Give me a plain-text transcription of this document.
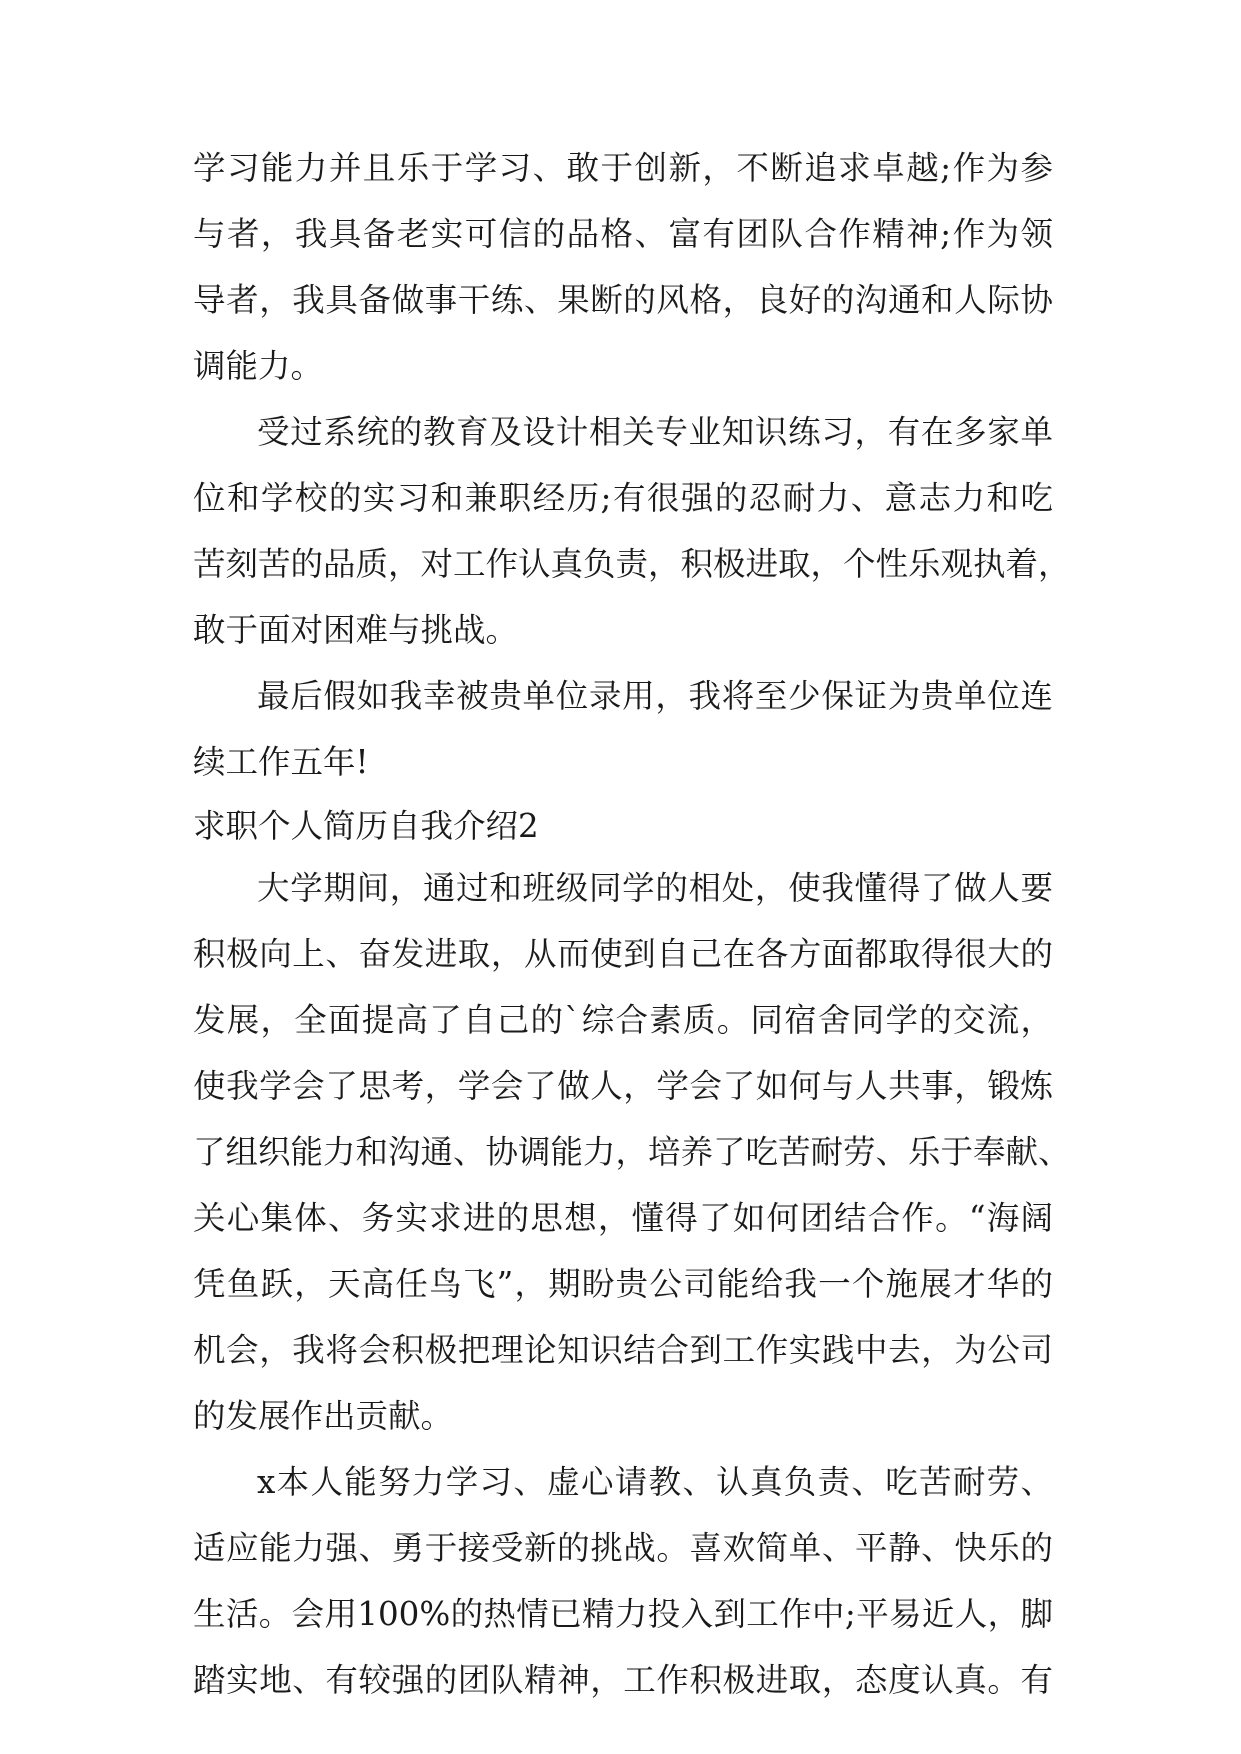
学习能力并且乐于学习、敢于创新，不断追求卓越;作为参
与者，我具备老实可信的品格、富有团队合作精神;作为领
导者，我具备做事干练、果断的风格，良好的沟通和人际协
调能力。
受过系统的教育及设计相关专业知识练习，有在多家单
位和学校的实习和兼职经历;有很强的忍耐力、意志力和吃
苦刻苦的品质，对工作认真负责，积极进取，个性乐观执着，
敢于面对困难与挑战。
最后假如我幸被贵单位录用，我将至少保证为贵单位连
续工作五年!
求职个人简历自我介绍2
大学期间，通过和班级同学的相处，使我懂得了做人要
积极向上、奋发进取，从而使到自己在各方面都取得很大的
发展，全面提高了自己的`综合素质。同宿舍同学的交流，
使我学会了思考，学会了做人，学会了如何与人共事，锻炼
了组织能力和沟通、协调能力，培养了吃苦耐劳、乐于奉献、
关心集体、务实求进的思想，懂得了如何团结合作。“海阔
凭鱼跃，天高任鸟飞”，期盼贵公司能给我一个施展才华的
机会，我将会积极把理论知识结合到工作实践中去，为公司
的发展作出贡献。
x本人能努力学习、虚心请教、认真负责、吃苦耐劳、
适应能力强、勇于接受新的挑战。喜欢简单、平静、快乐的
生活。会用100%的热情已精力投入到工作中;平易近人，脚
踏实地、有较强的团队精神，工作积极进取，态度认真。有
